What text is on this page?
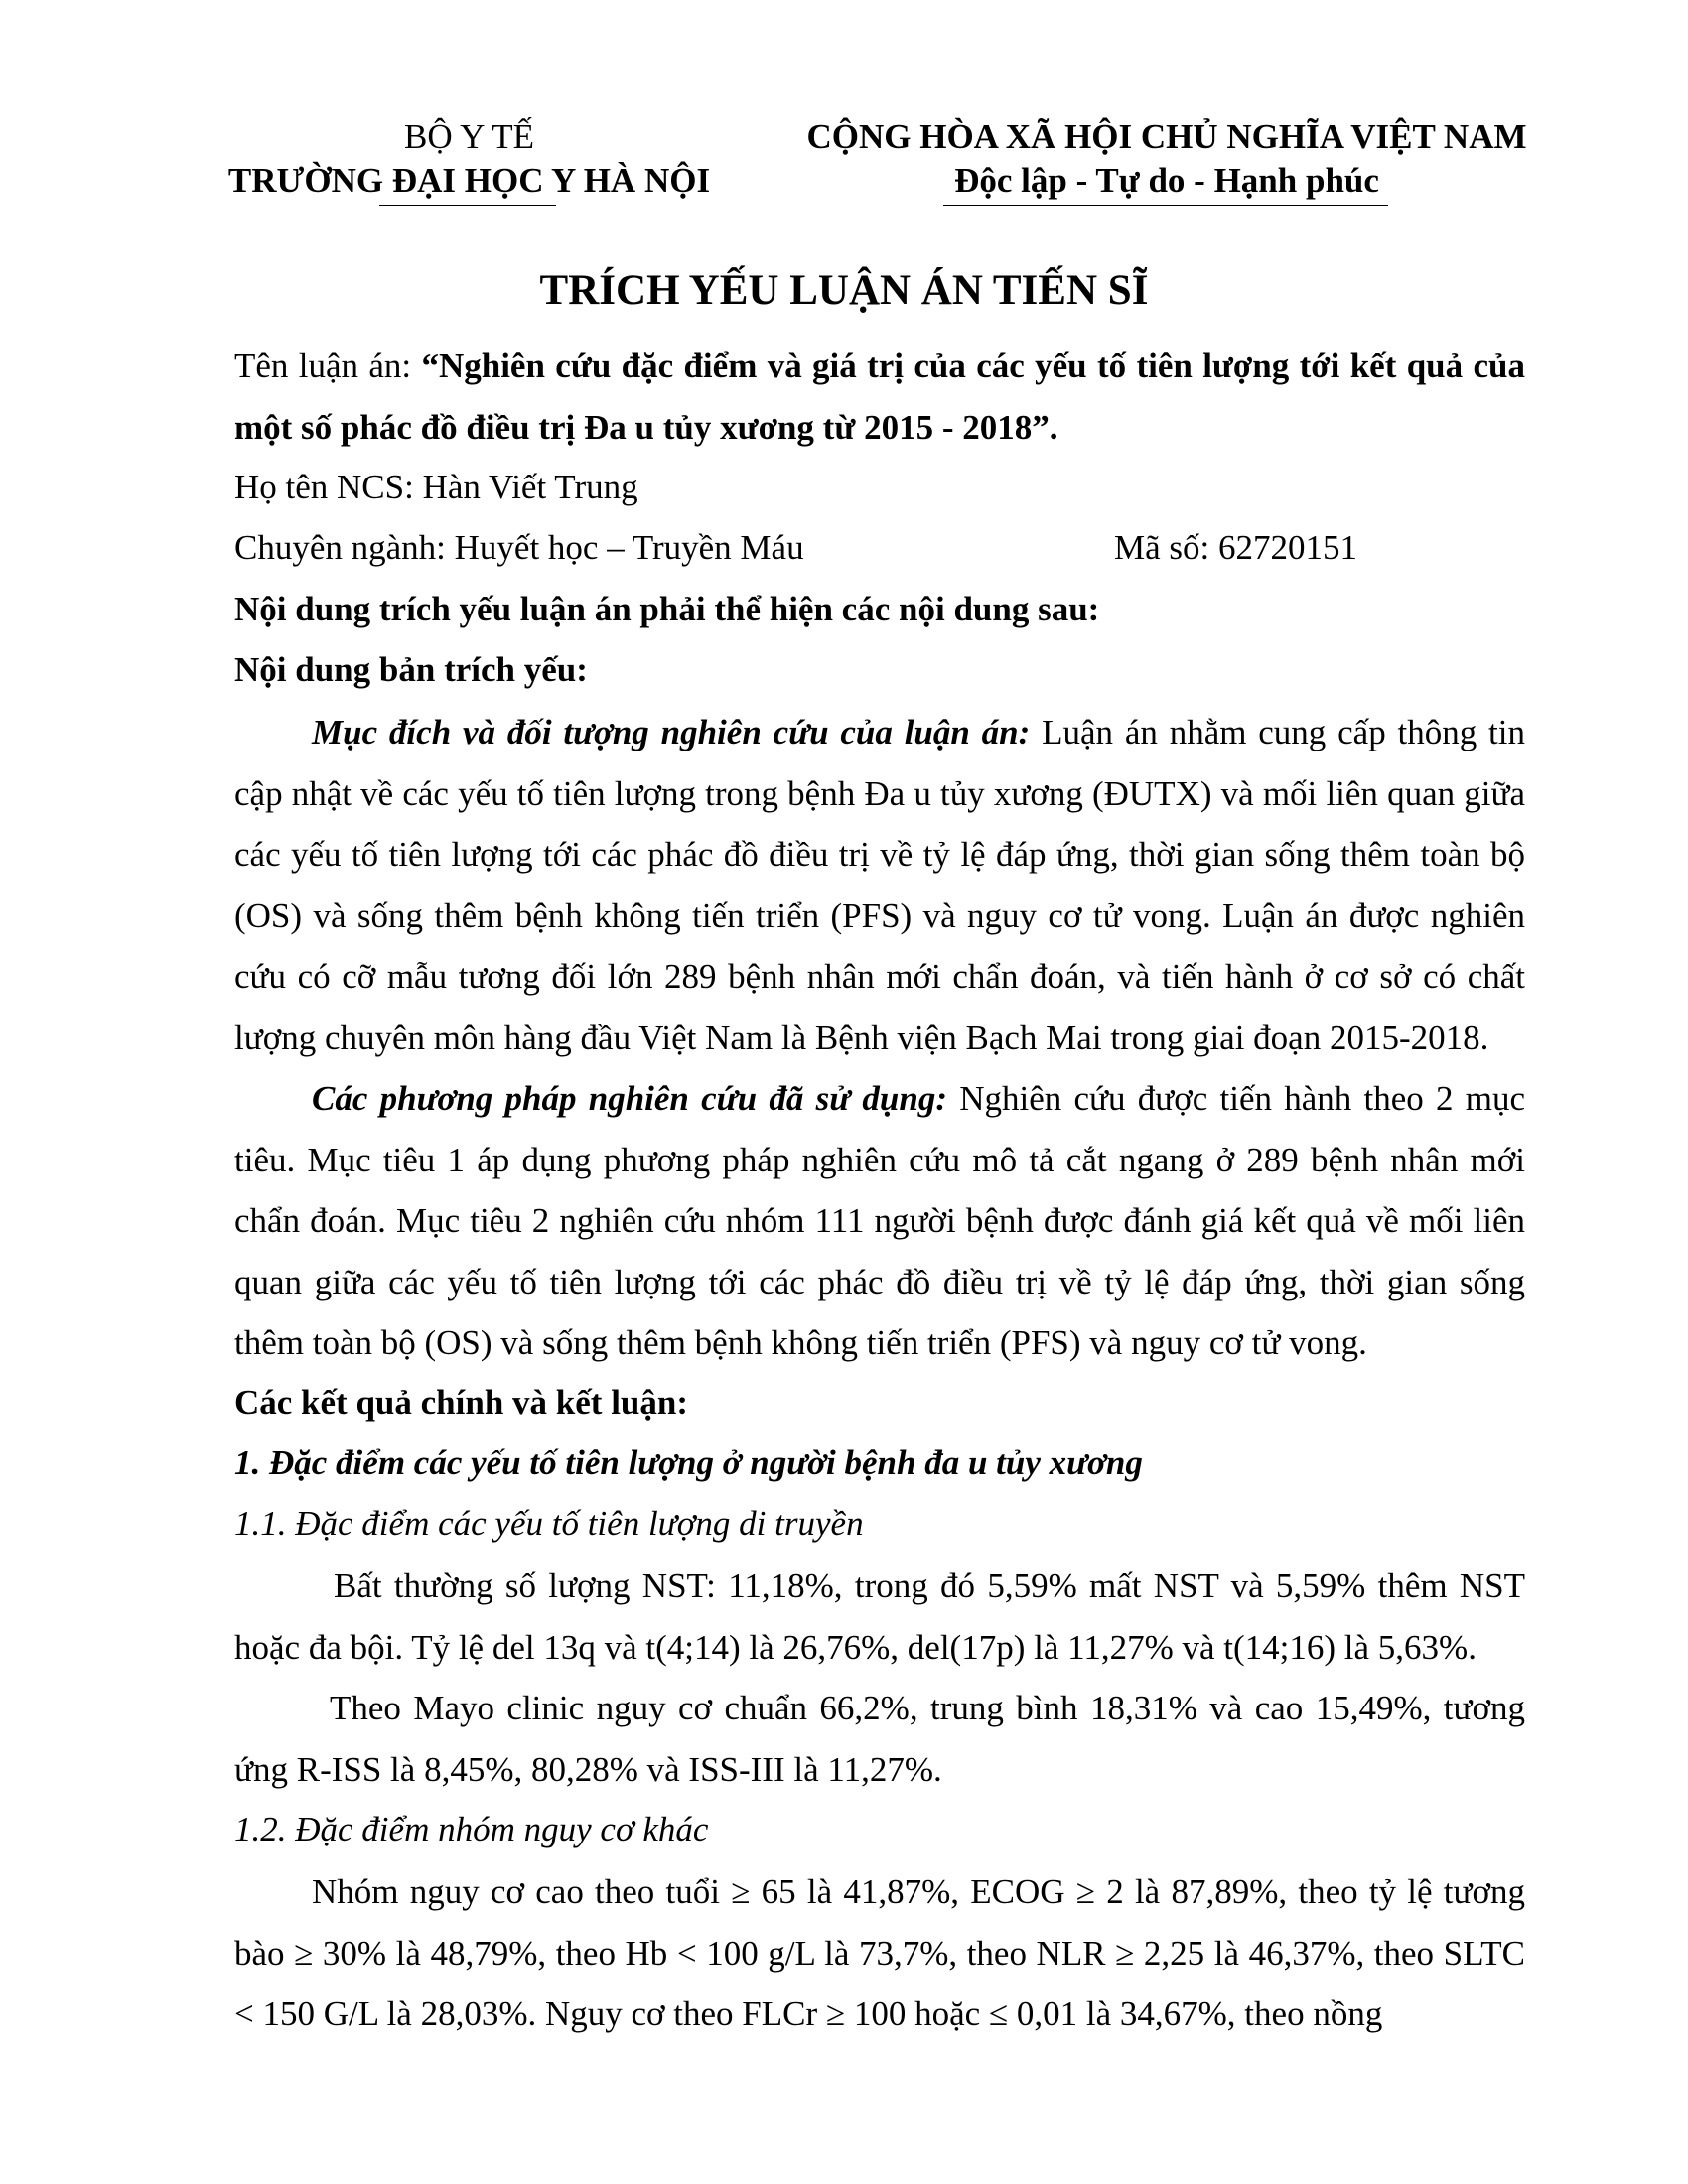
BỘ Y TẾ
TRƯỜNG ĐẠI HỌC Y HÀ NỘI
CỘNG HÒA XÃ HỘI CHỦ NGHĨA VIỆT NAM
Độc lập - Tự do - Hạnh phúc
TRÍCH YẾU LUẬN ÁN TIẾN SĨ
Tên luận án: “Nghiên cứu đặc điểm và giá trị của các yếu tố tiên lượng tới kết quả của một số phác đồ điều trị Đa u tủy xương từ 2015 - 2018”.
Họ tên NCS: Hàn Viết Trung
Chuyên ngành: Huyết học – Truyền Máu	Mã số: 62720151
Nội dung trích yếu luận án phải thể hiện các nội dung sau:
Nội dung bản trích yếu:
Mục đích và đối tượng nghiên cứu của luận án: Luận án nhằm cung cấp thông tin cập nhật về các yếu tố tiên lượng trong bệnh Đa u tủy xương (ĐUTX) và mối liên quan giữa các yếu tố tiên lượng tới các phác đồ điều trị về tỷ lệ đáp ứng, thời gian sống thêm toàn bộ (OS) và sống thêm bệnh không tiến triển (PFS) và nguy cơ tử vong. Luận án được nghiên cứu có cỡ mẫu tương đối lớn 289 bệnh nhân mới chẩn đoán, và tiến hành ở cơ sở có chất lượng chuyên môn hàng đầu Việt Nam là Bệnh viện Bạch Mai trong giai đoạn 2015-2018.
Các phương pháp nghiên cứu đã sử dụng: Nghiên cứu được tiến hành theo 2 mục tiêu. Mục tiêu 1 áp dụng phương pháp nghiên cứu mô tả cắt ngang ở 289 bệnh nhân mới chẩn đoán. Mục tiêu 2 nghiên cứu nhóm 111 người bệnh được đánh giá kết quả về mối liên quan giữa các yếu tố tiên lượng tới các phác đồ điều trị về tỷ lệ đáp ứng, thời gian sống thêm toàn bộ (OS) và sống thêm bệnh không tiến triển (PFS) và nguy cơ tử vong.
Các kết quả chính và kết luận:
1. Đặc điểm các yếu tố tiên lượng ở người bệnh đa u tủy xương
1.1. Đặc điểm các yếu tố tiên lượng di truyền
Bất thường số lượng NST: 11,18%, trong đó 5,59% mất NST và 5,59% thêm NST hoặc đa bội. Tỷ lệ del 13q và t(4;14) là 26,76%, del(17p) là 11,27% và t(14;16) là 5,63%.
Theo Mayo clinic nguy cơ chuẩn 66,2%, trung bình 18,31% và cao 15,49%, tương ứng R-ISS là 8,45%, 80,28% và ISS-III là 11,27%.
1.2. Đặc điểm nhóm nguy cơ khác
Nhóm nguy cơ cao theo tuổi ≥ 65 là 41,87%, ECOG ≥ 2 là 87,89%, theo tỷ lệ tương bào ≥ 30% là 48,79%, theo Hb < 100 g/L là 73,7%, theo NLR ≥ 2,25 là 46,37%, theo SLTC < 150 G/L là 28,03%. Nguy cơ theo FLCr ≥ 100 hoặc ≤ 0,01 là 34,67%, theo nồng
